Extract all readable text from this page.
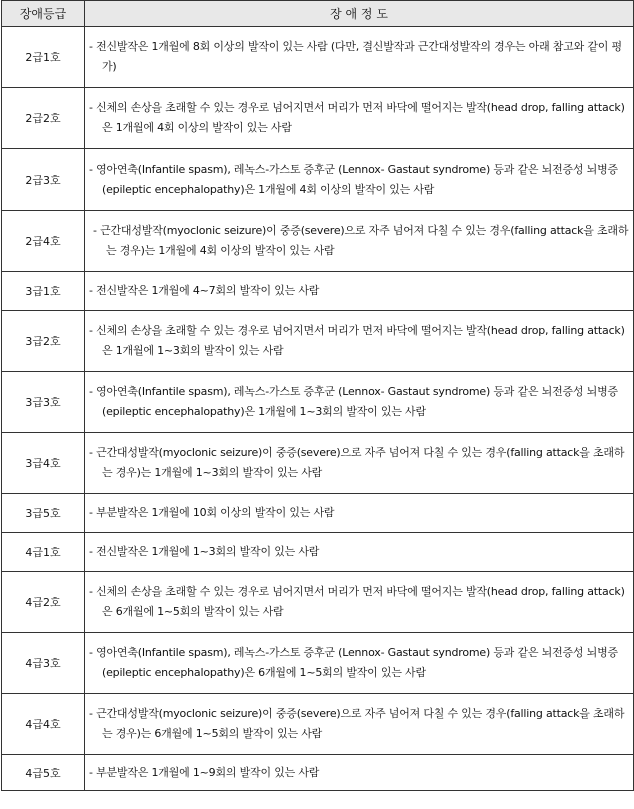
장애등급	장 애 정 도
2급1호	- 전신발작은 1개월에 8회 이상의 발작이 있는 사람 (다만, 결신발작과 근간대성발작의 경우는 아래 참고와 같이 평가)

2급2호	- 신체의 손상을 초래할 수 있는 경우로 넘어지면서 머리가 먼저 바닥에 떨어지는 발작(head drop, falling attack)은 1개월에 4회 이상의 발작이 있는 사람

2급3호	- 영아연축(Infantile spasm), 레녹스-가스토 증후군 (Lennox- Gastaut syndrome) 등과 같은 뇌전증성 뇌병증 (epileptic encephalopathy)은 1개월에 4회 이상의 발작이 있는 사람

2급4호	- 근간대성발작(myoclonic seizure)이 중증(severe)으로 자주 넘어져 다칠 수 있는 경우(falling attack을 초래하는 경우)는 1개월에 4회 이상의 발작이 있는 사람

3급1호	- 전신발작은 1개월에 4~7회의 발작이 있는 사람

3급2호	- 신체의 손상을 초래할 수 있는 경우로 넘어지면서 머리가 먼저 바닥에 떨어지는 발작(head drop, falling attack)은 1개월에 1~3회의 발작이 있는 사람

3급3호	- 영아연축(Infantile spasm), 레녹스-가스토 증후군 (Lennox- Gastaut syndrome) 등과 같은 뇌전증성 뇌병증 (epileptic encephalopathy)은 1개월에 1~3회의 발작이 있는 사람

3급4호	- 근간대성발작(myoclonic seizure)이 중증(severe)으로 자주 넘어져 다칠 수 있는 경우(falling attack을 초래하는 경우)는 1개월에 1~3회의 발작이 있는 사람

3급5호	- 부분발작은 1개월에 10회 이상의 발작이 있는 사람

4급1호	- 전신발작은 1개월에 1~3회의 발작이 있는 사람

4급2호	- 신체의 손상을 초래할 수 있는 경우로 넘어지면서 머리가 먼저 바닥에 떨어지는 발작(head drop, falling attack)은 6개월에 1~5회의 발작이 있는 사람

4급3호	- 영아연축(Infantile spasm), 레녹스-가스토 증후군 (Lennox- Gastaut syndrome) 등과 같은 뇌전증성 뇌병증 (epileptic encephalopathy)은 6개월에 1~5회의 발작이 있는 사람

4급4호	- 근간대성발작(myoclonic seizure)이 중증(severe)으로 자주 넘어져 다칠 수 있는 경우(falling attack을 초래하는 경우)는 6개월에 1~5회의 발작이 있는 사람

4급5호	- 부분발작은 1개월에 1~9회의 발작이 있는 사람
